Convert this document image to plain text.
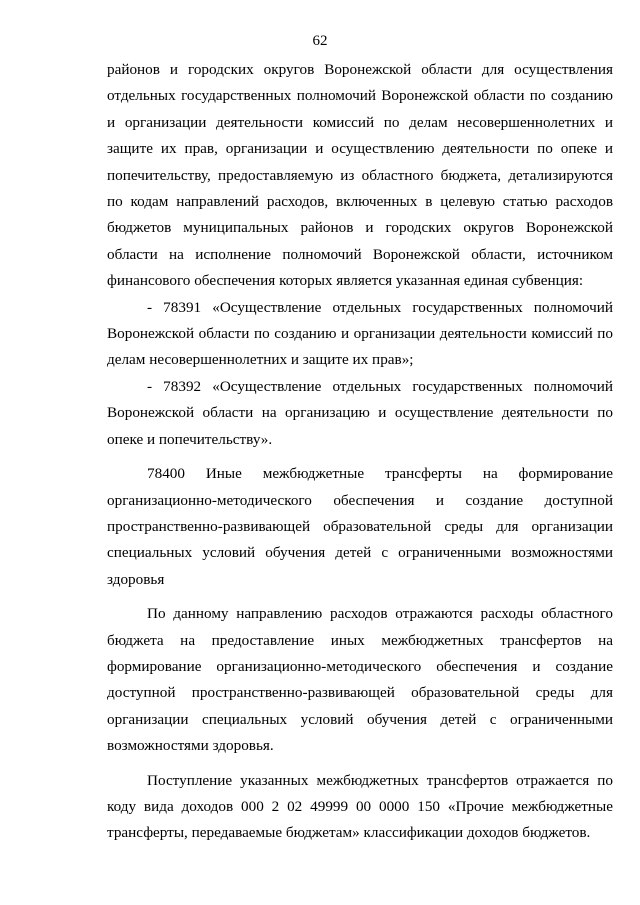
62

районов и городских округов Воронежской области для осуществления отдельных государственных полномочий Воронежской области по созданию и организации деятельности комиссий по делам несовершеннолетних и защите их прав, организации и осуществлению деятельности по опеке и попечительству, предоставляемую из областного бюджета, детализируются по кодам направлений расходов, включенных в целевую статью расходов бюджетов муниципальных районов и городских округов Воронежской области на исполнение полномочий Воронежской области, источником финансового обеспечения которых является указанная единая субвенция:

- 78391 «Осуществление отдельных государственных полномочий Воронежской области по созданию и организации деятельности комиссий по делам несовершеннолетних и защите их прав»;

- 78392 «Осуществление отдельных государственных полномочий Воронежской области на организацию и осуществление деятельности по опеке и попечительству».

78400 Иные межбюджетные трансферты на формирование организационно-методического обеспечения и создание доступной пространственно-развивающей образовательной среды для организации специальных условий обучения детей с ограниченными возможностями здоровья

По данному направлению расходов отражаются расходы областного бюджета на предоставление иных межбюджетных трансфертов на формирование организационно-методического обеспечения и создание доступной пространственно-развивающей образовательной среды для организации специальных условий обучения детей с ограниченными возможностями здоровья.

Поступление указанных межбюджетных трансфертов отражается по коду вида доходов 000 2 02 49999 00 0000 150 «Прочие межбюджетные трансферты, передаваемые бюджетам» классификации доходов бюджетов.
